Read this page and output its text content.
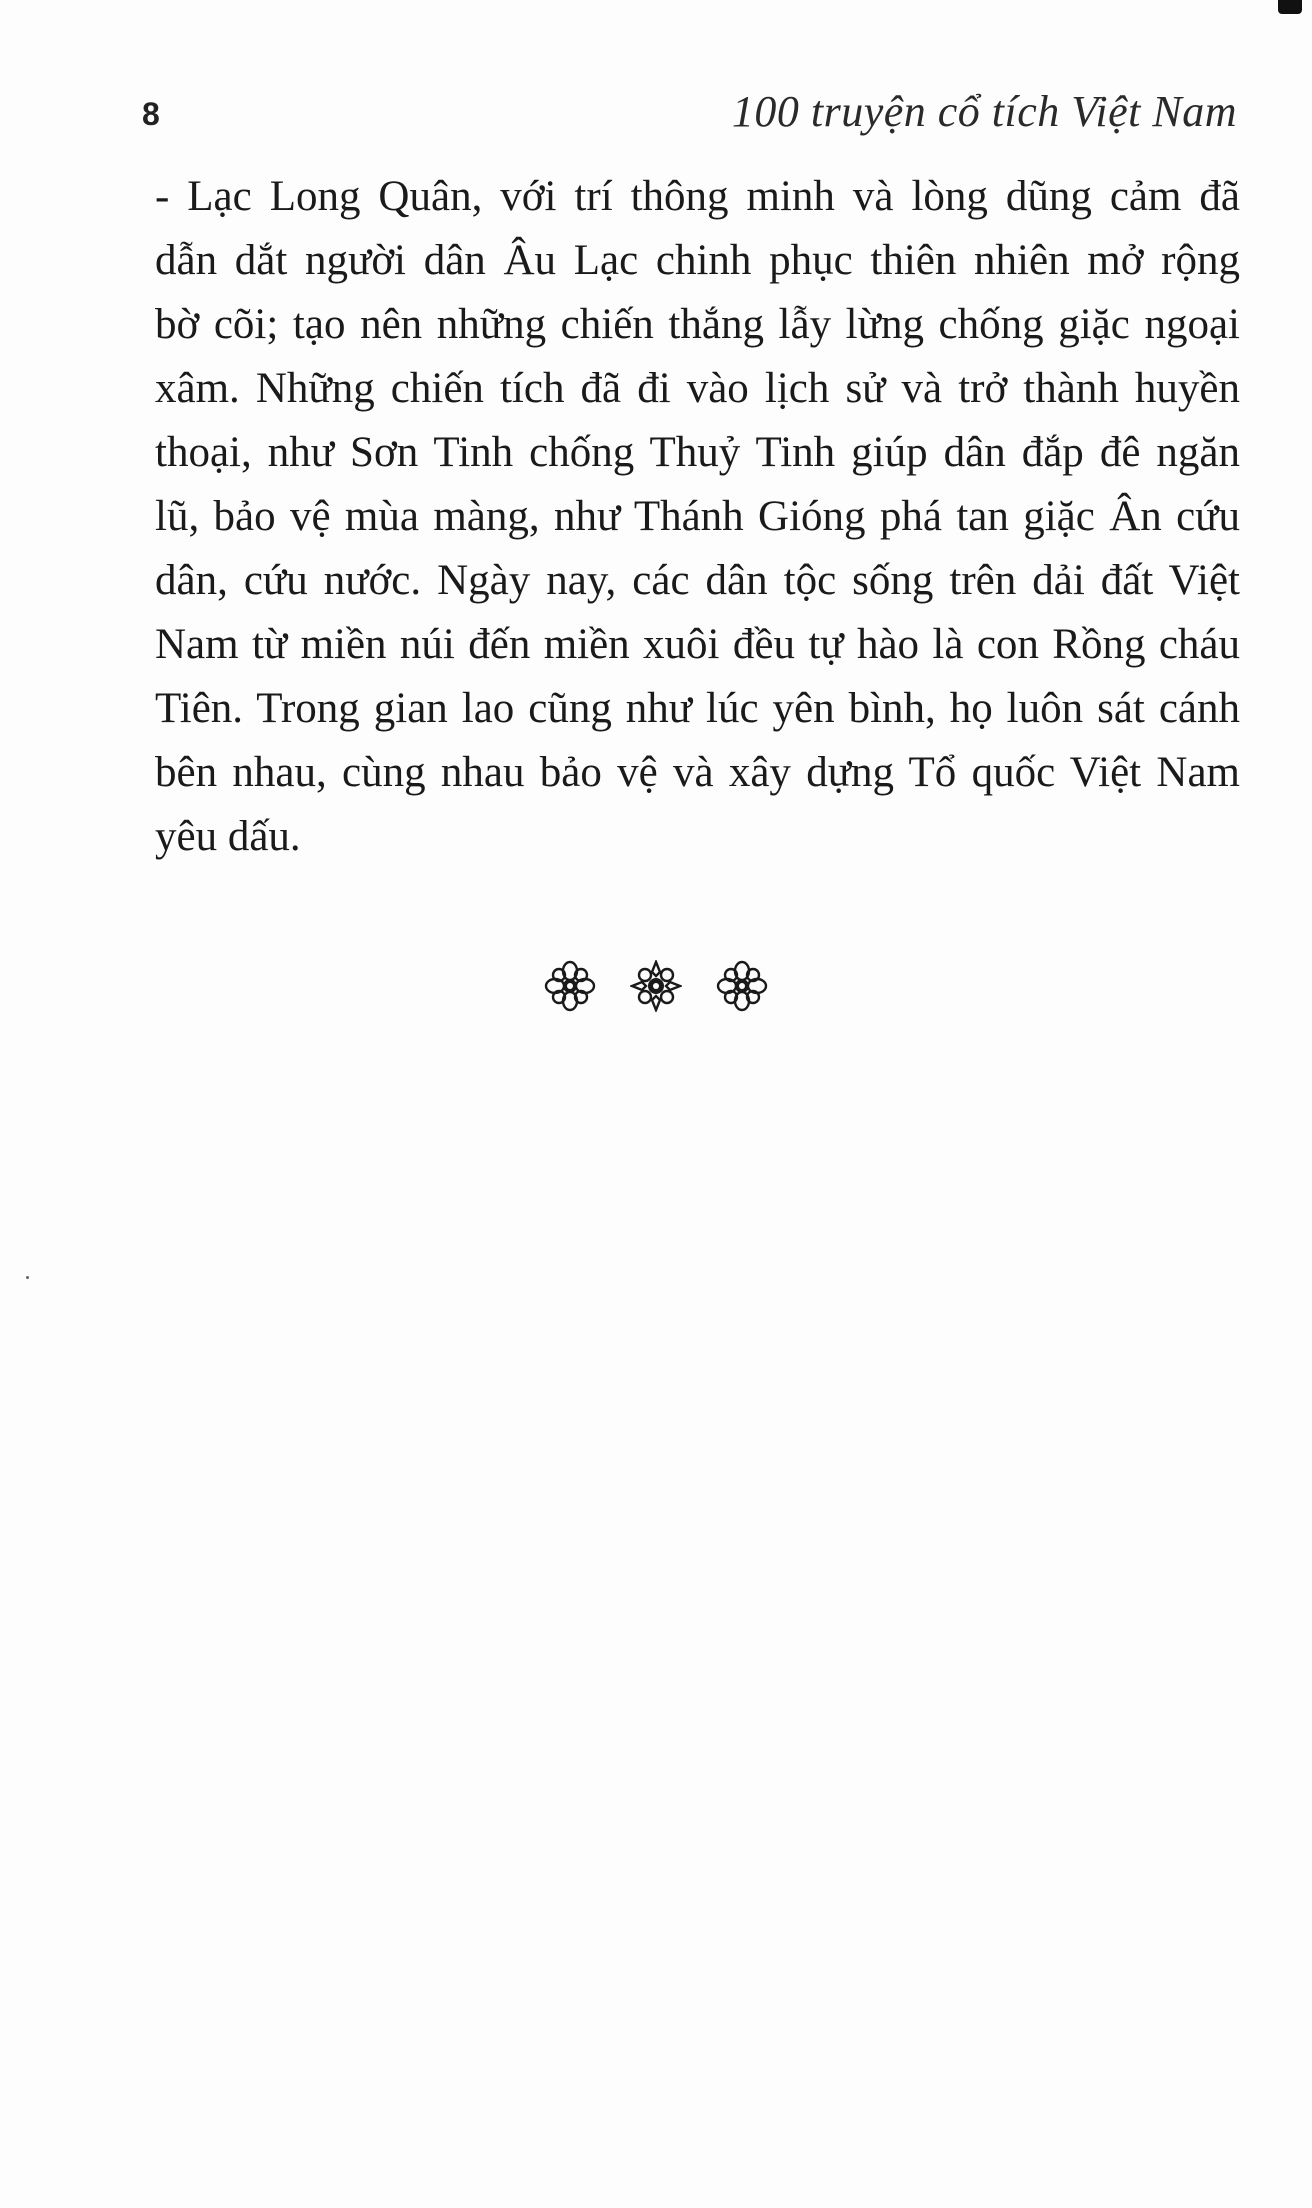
8	100 truyện cổ tích Việt Nam
- Lạc Long Quân, với trí thông minh và lòng dũng cảm đã
dẫn dắt người dân Âu Lạc chinh phục thiên nhiên mở rộng
bờ cõi; tạo nên những chiến thắng lẫy lừng chống giặc ngoại
xâm. Những chiến tích đã đi vào lịch sử và trở thành huyền
thoại, như Sơn Tinh chống Thuỷ Tinh giúp dân đắp đê ngăn
lũ, bảo vệ mùa màng, như Thánh Gióng phá tan giặc Ân cứu
dân, cứu nước. Ngày nay, các dân tộc sống trên dải đất Việt
Nam từ miền núi đến miền xuôi đều tự hào là con Rồng cháu
Tiên. Trong gian lao cũng như lúc yên bình, họ luôn sát cánh
bên nhau, cùng nhau bảo vệ và xây dựng Tổ quốc Việt Nam
yêu dấu.
